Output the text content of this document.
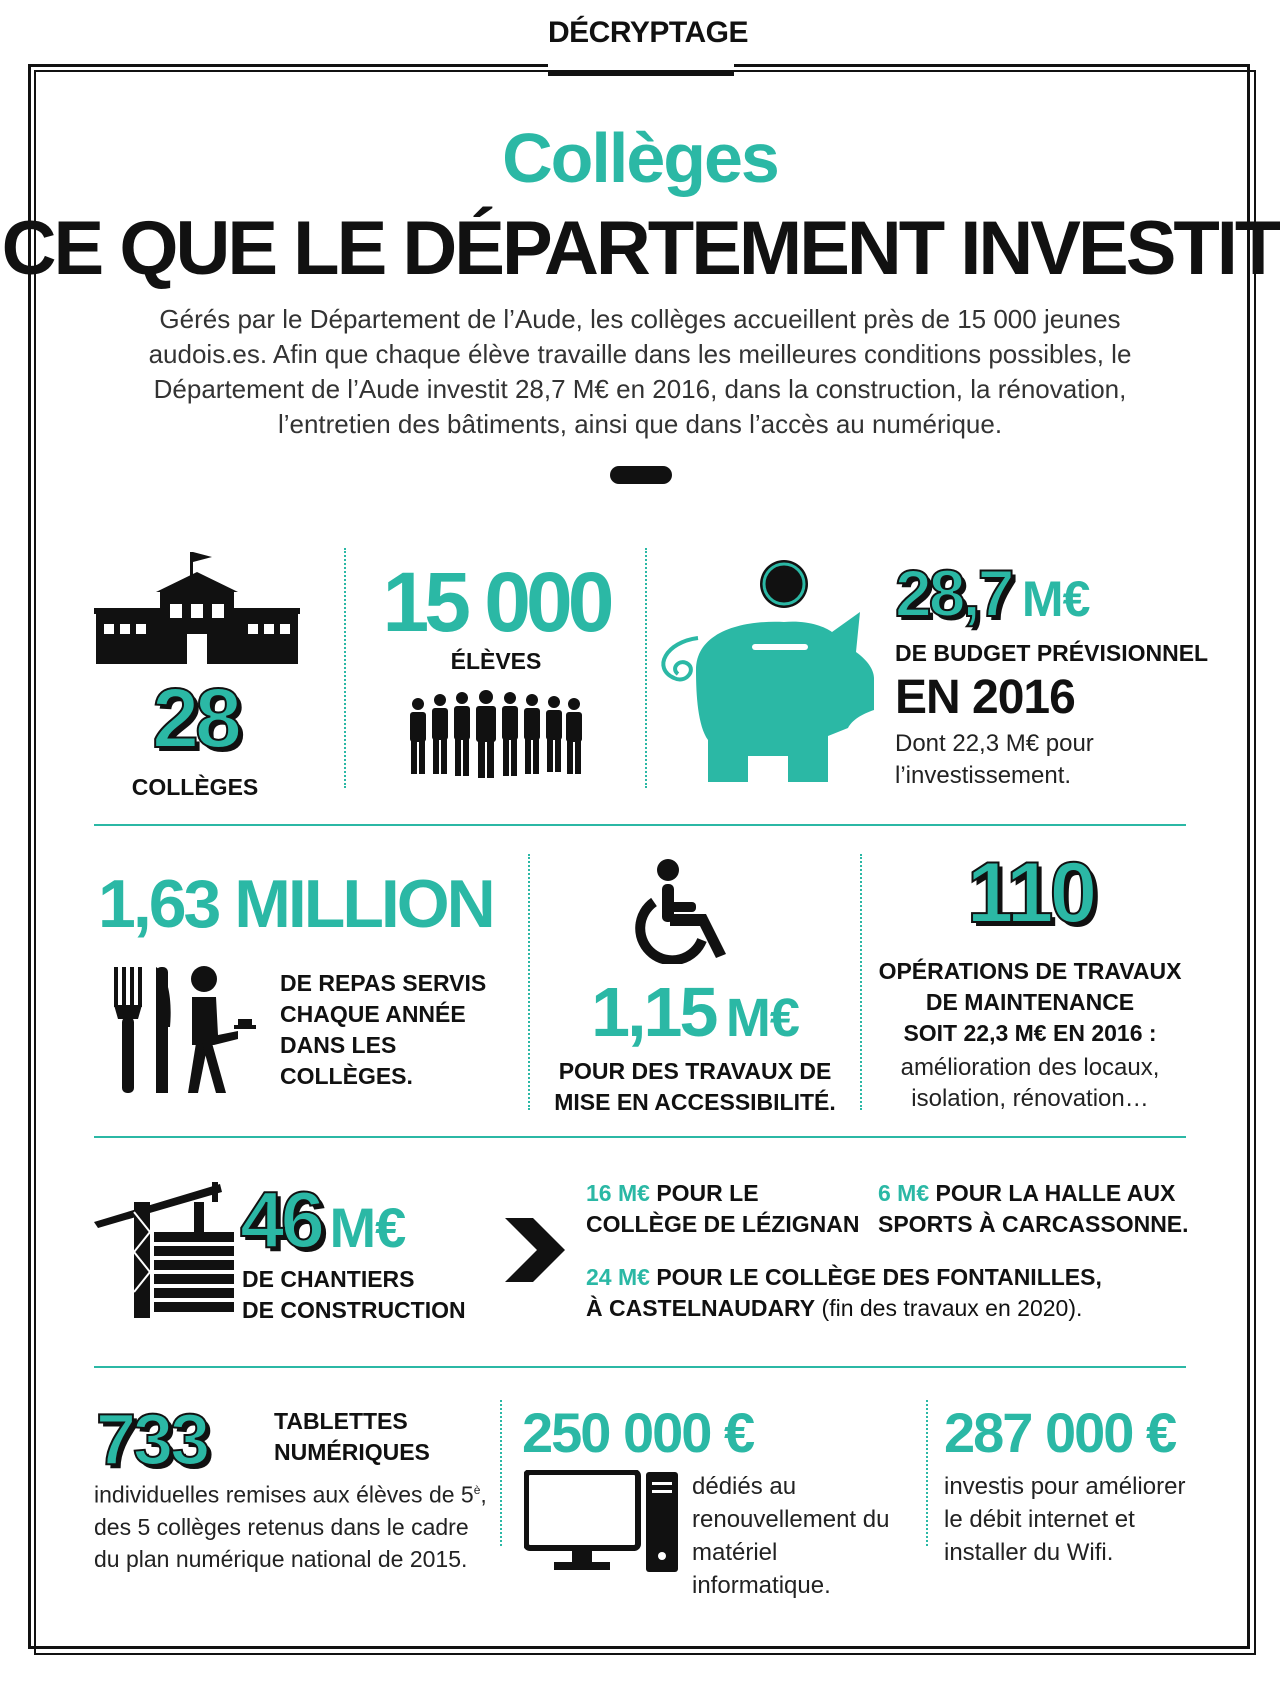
DÉCRYPTAGE
Collèges
CE QUE LE DÉPARTEMENT INVESTIT
Gérés par le Département de l’Aude, les collèges accueillent près de 15 000 jeunes
audois.es. Afin que chaque élève travaille dans les meilleures conditions possibles, le
Département de l’Aude investit 28,7 M€ en 2016, dans la construction, la rénovation,
l’entretien des bâtiments, ainsi que dans l’accès au numérique.
28
COLLÈGES
15 000
ÉLÈVES
28,7 M€
DE BUDGET PRÉVISIONNEL
EN 2016
Dont 22,3 M€ pour
l’investissement.
1,63 MILLION
DE REPAS SERVIS
CHAQUE ANNÉE
DANS LES
COLLÈGES.
1,15 M€
POUR DES TRAVAUX DE
MISE EN ACCESSIBILITÉ.
110
OPÉRATIONS DE TRAVAUX
DE MAINTENANCE
SOIT 22,3 M€ EN 2016 :
amélioration des locaux,
isolation, rénovation…
46 M€
DE CHANTIERS
DE CONSTRUCTION
16 M€ POUR LE
COLLÈGE DE LÉZIGNAN
6 M€ POUR LA HALLE AUX
SPORTS À CARCASSONNE.
24 M€ POUR LE COLLÈGE DES FONTANILLES,
À CASTELNAUDARY (fin des travaux en 2020).
733	TABLETTES
NUMÉRIQUES
individuelles remises aux élèves de $5^è$,
des 5 collèges retenus dans le cadre
du plan numérique national de 2015.
250 000 €
dédiés au
renouvellement du
matériel informatique.
287 000 €
investis pour améliorer
le débit internet et
installer du Wifi.
